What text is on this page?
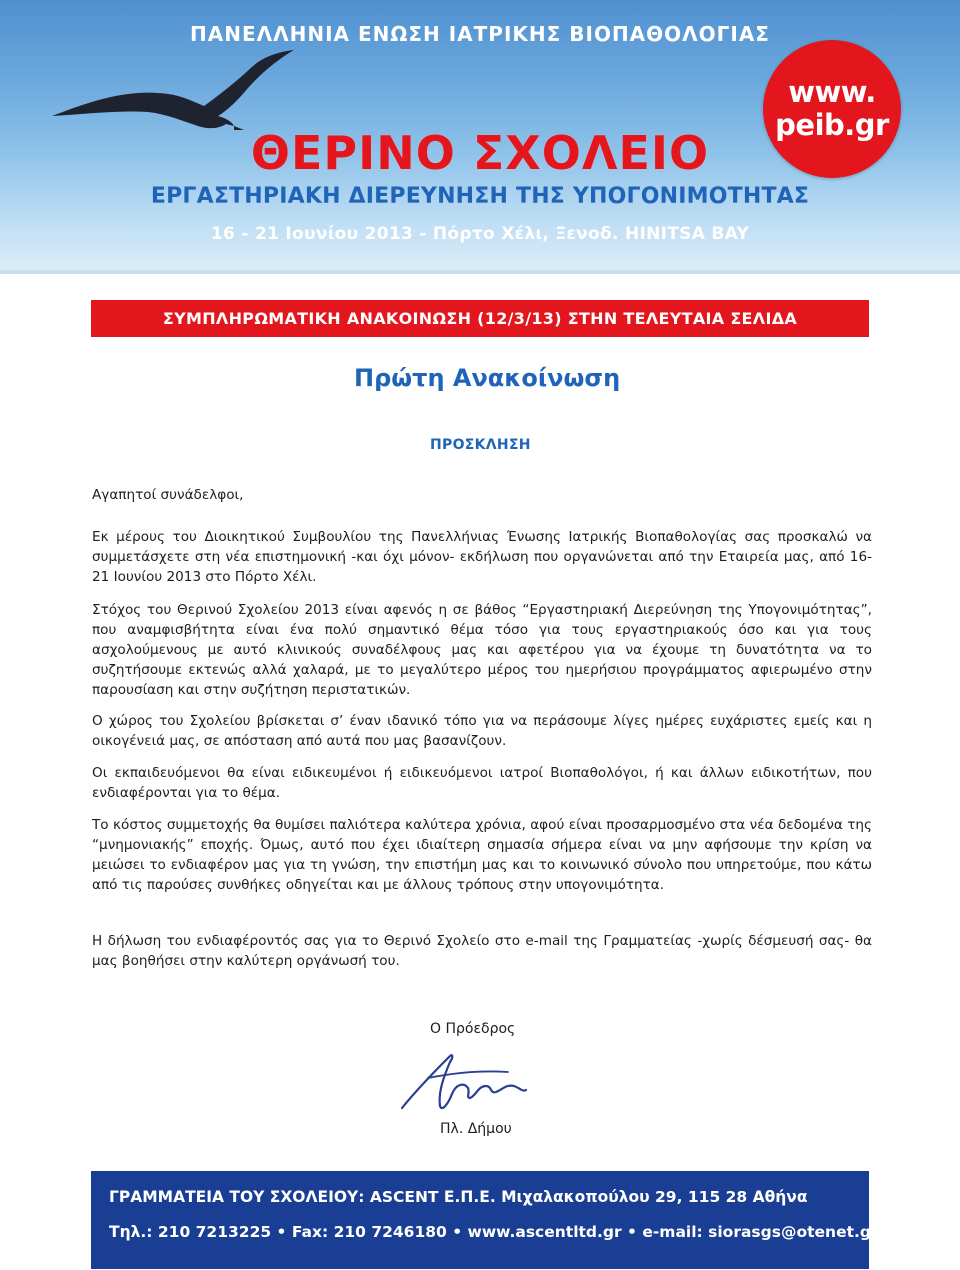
ΠΑΝΕΛΛΗΝΙΑ ΕΝΩΣΗ ΙΑΤΡΙΚΗΣ ΒΙΟΠΑΘΟΛΟΓΙΑΣ
www.
peib.gr
ΘΕΡΙΝΟ ΣΧΟΛΕΙΟ
ΕΡΓΑΣΤΗΡΙΑΚΗ ΔΙΕΡΕΥΝΗΣΗ ΤΗΣ ΥΠΟΓΟΝΙΜΟΤΗΤΑΣ
16 - 21 Ιουνίου 2013 - Πόρτο Χέλι, Ξενοδ. HINITSA BAY
ΣΥΜΠΛΗΡΩΜΑΤΙΚΗ ΑΝΑΚΟΙΝΩΣΗ (12/3/13) ΣΤΗΝ ΤΕΛΕΥΤΑΙΑ ΣΕΛΙΔΑ
Πρώτη Ανακοίνωση
ΠΡΟΣΚΛΗΣΗ
Αγαπητοί συνάδελφοι,
Εκ μέρους του Διοικητικού Συμβουλίου της Πανελλήνιας Ένωσης Ιατρικής Βιοπαθολογίας σας προσκαλώ να συμμετάσχετε στη νέα επιστημονική -και όχι μόνον- εκδήλωση που οργανώνεται από την Εταιρεία μας, από 16-21 Ιουνίου 2013 στο Πόρτο Χέλι.
Στόχος του Θερινού Σχολείου 2013 είναι αφενός η σε βάθος “Εργαστηριακή Διερεύνηση της Υπογονιμότητας”, που αναμφισβήτητα είναι ένα πολύ σημαντικό θέμα τόσο για τους εργαστηριακούς όσο και για τους ασχολούμενους με αυτό κλινικούς συναδέλφους μας και αφετέρου για να έχουμε τη δυνατότητα να το συζητήσουμε εκτενώς αλλά χαλαρά, με το μεγαλύτερο μέρος του ημερήσιου προγράμματος αφιερωμένο στην παρουσίαση και στην συζήτηση περιστατικών.
Ο χώρος του Σχολείου βρίσκεται σ’ έναν ιδανικό τόπο για να περάσουμε λίγες ημέρες ευχάριστες εμείς και η οικογένειά μας, σε απόσταση από αυτά που μας βασανίζουν.
Οι εκπαιδευόμενοι θα είναι ειδικευμένοι ή ειδικευόμενοι ιατροί Βιοπαθολόγοι, ή και άλλων ειδικοτήτων, που ενδιαφέρονται για το θέμα.
Το κόστος συμμετοχής θα θυμίσει παλιότερα καλύτερα χρόνια, αφού είναι προσαρμοσμένο στα νέα δεδομένα της “μνημονιακής” εποχής. Όμως, αυτό που έχει ιδιαίτερη σημασία σήμερα είναι να μην αφήσουμε την κρίση να μειώσει το ενδιαφέρον μας για τη γνώση, την επιστήμη μας και το κοινωνικό σύνολο που υπηρετούμε, που κάτω από τις παρούσες συνθήκες οδηγείται και με άλλους τρόπους στην υπογονιμότητα.
Η δήλωση του ενδιαφέροντός σας για το Θερινό Σχολείο στο e-mail της Γραμματείας -χωρίς δέσμευσή σας- θα μας βοηθήσει στην καλύτερη οργάνωσή του.
Ο Πρόεδρος
Πλ. Δήμου
ΓΡΑΜΜΑΤΕΙΑ ΤΟΥ ΣΧΟΛΕΙΟΥ: ASCENT Ε.Π.Ε. Μιχαλακοπούλου 29, 115 28 Αθήνα
Τηλ.: 210 7213225 • Fax: 210 7246180 • www.ascentltd.gr • e-mail: siorasgs@otenet.gr
